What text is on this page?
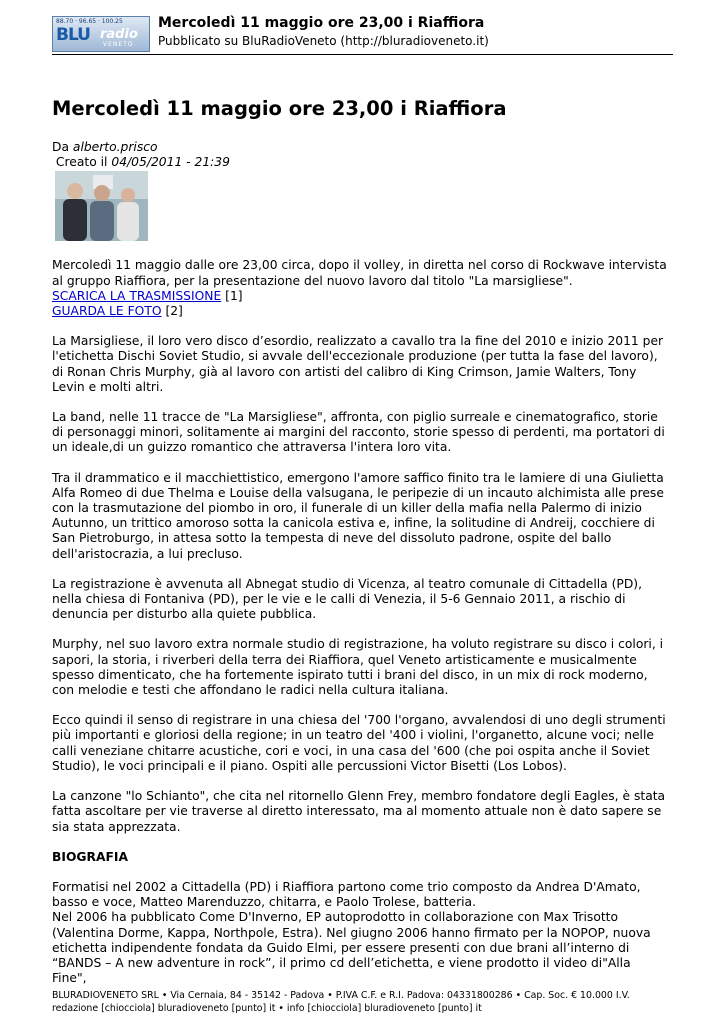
88.70 · 96.65 · 100.25
BLU radio
VENETO
Mercoledì 11 maggio ore 23,00 i Riaffiora
Pubblicato su BluRadioVeneto (http://bluradioveneto.it)
Mercoledì 11 maggio ore 23,00 i Riaffiora
Da alberto.prisco
Creato il 04/05/2011 - 21:39
Mercoledì 11 maggio dalle ore 23,00 circa, dopo il volley, in diretta nel corso di Rockwave intervista al gruppo Riaffiora, per la presentazione del nuovo lavoro dal titolo "La marsigliese".
SCARICA LA TRASMISSIONE [1]
GUARDA LE FOTO [2]

La Marsigliese, il loro vero disco d’esordio, realizzato a cavallo tra la fine del 2010 e inizio 2011 per l'etichetta Dischi Soviet Studio, si avvale dell'eccezionale produzione (per tutta la fase del lavoro), di Ronan Chris Murphy, già al lavoro con artisti del calibro di King Crimson, Jamie Walters, Tony Levin e molti altri.

La band, nelle 11 tracce de "La Marsigliese", affronta, con piglio surreale e cinematografico, storie di personaggi minori, solitamente ai margini del racconto, storie spesso di perdenti, ma portatori di un ideale,di un guizzo romantico che attraversa l'intera loro vita.

Tra il drammatico e il macchiettistico, emergono l'amore saffico finito tra le lamiere di una Giulietta Alfa Romeo di due Thelma e Louise della valsugana, le peripezie di un incauto alchimista alle prese con la trasmutazione del piombo in oro, il funerale di un killer della mafia nella Palermo di inizio Autunno, un trittico amoroso sotta la canicola estiva e, infine, la solitudine di Andreij, cocchiere di San Pietroburgo, in attesa sotto la tempesta di neve del dissoluto padrone, ospite del ballo dell'aristocrazia, a lui precluso.

La registrazione è avvenuta all Abnegat studio di Vicenza, al teatro comunale di Cittadella (PD), nella chiesa di Fontaniva (PD), per le vie e le calli di Venezia, il 5-6 Gennaio 2011, a rischio di denuncia per disturbo alla quiete pubblica.

Murphy, nel suo lavoro extra normale studio di registrazione, ha voluto registrare su disco i colori, i sapori, la storia, i riverberi della terra dei Riaffiora, quel Veneto artisticamente e musicalmente spesso dimenticato, che ha fortemente ispirato tutti i brani del disco, in un mix di rock moderno, con melodie e testi che affondano le radici nella cultura italiana.

Ecco quindi il senso di registrare in una chiesa del '700 l'organo, avvalendosi di uno degli strumenti più importanti e gloriosi della regione; in un teatro del '400 i violini, l'organetto, alcune voci; nelle calli veneziane chitarre acustiche, cori e voci, in una casa del '600 (che poi ospita anche il Soviet Studio), le voci principali e il piano. Ospiti alle percussioni Victor Bisetti (Los Lobos).

La canzone "lo Schianto", che cita nel ritornello Glenn Frey, membro fondatore degli Eagles, è stata fatta ascoltare per vie traverse al diretto interessato, ma al momento attuale non è dato sapere se sia stata apprezzata.

BIOGRAFIA

Formatisi nel 2002 a Cittadella (PD) i Riaffiora partono come trio composto da Andrea D'Amato, basso e voce, Matteo Marenduzzo, chitarra, e Paolo Trolese, batteria.
Nel 2006 ha pubblicato Come D'Inverno, EP autoprodotto in collaborazione con Max Trisotto (Valentina Dorme, Kappa, Northpole, Estra). Nel giugno 2006 hanno firmato per la NOPOP, nuova etichetta indipendente fondata da Guido Elmi, per essere presenti con due brani all’interno di “BANDS – A new adventure in rock”, il primo cd dell’etichetta, e viene prodotto il video di"Alla Fine",
BLURADIOVENETO SRL • Via Cernaia, 84 - 35142 - Padova • P.IVA C.F. e R.I. Padova: 04331800286 • Cap. Soc. € 10.000 I.V.
redazione [chiocciola] bluradioveneto [punto] it • info [chiocciola] bluradioveneto [punto] it
